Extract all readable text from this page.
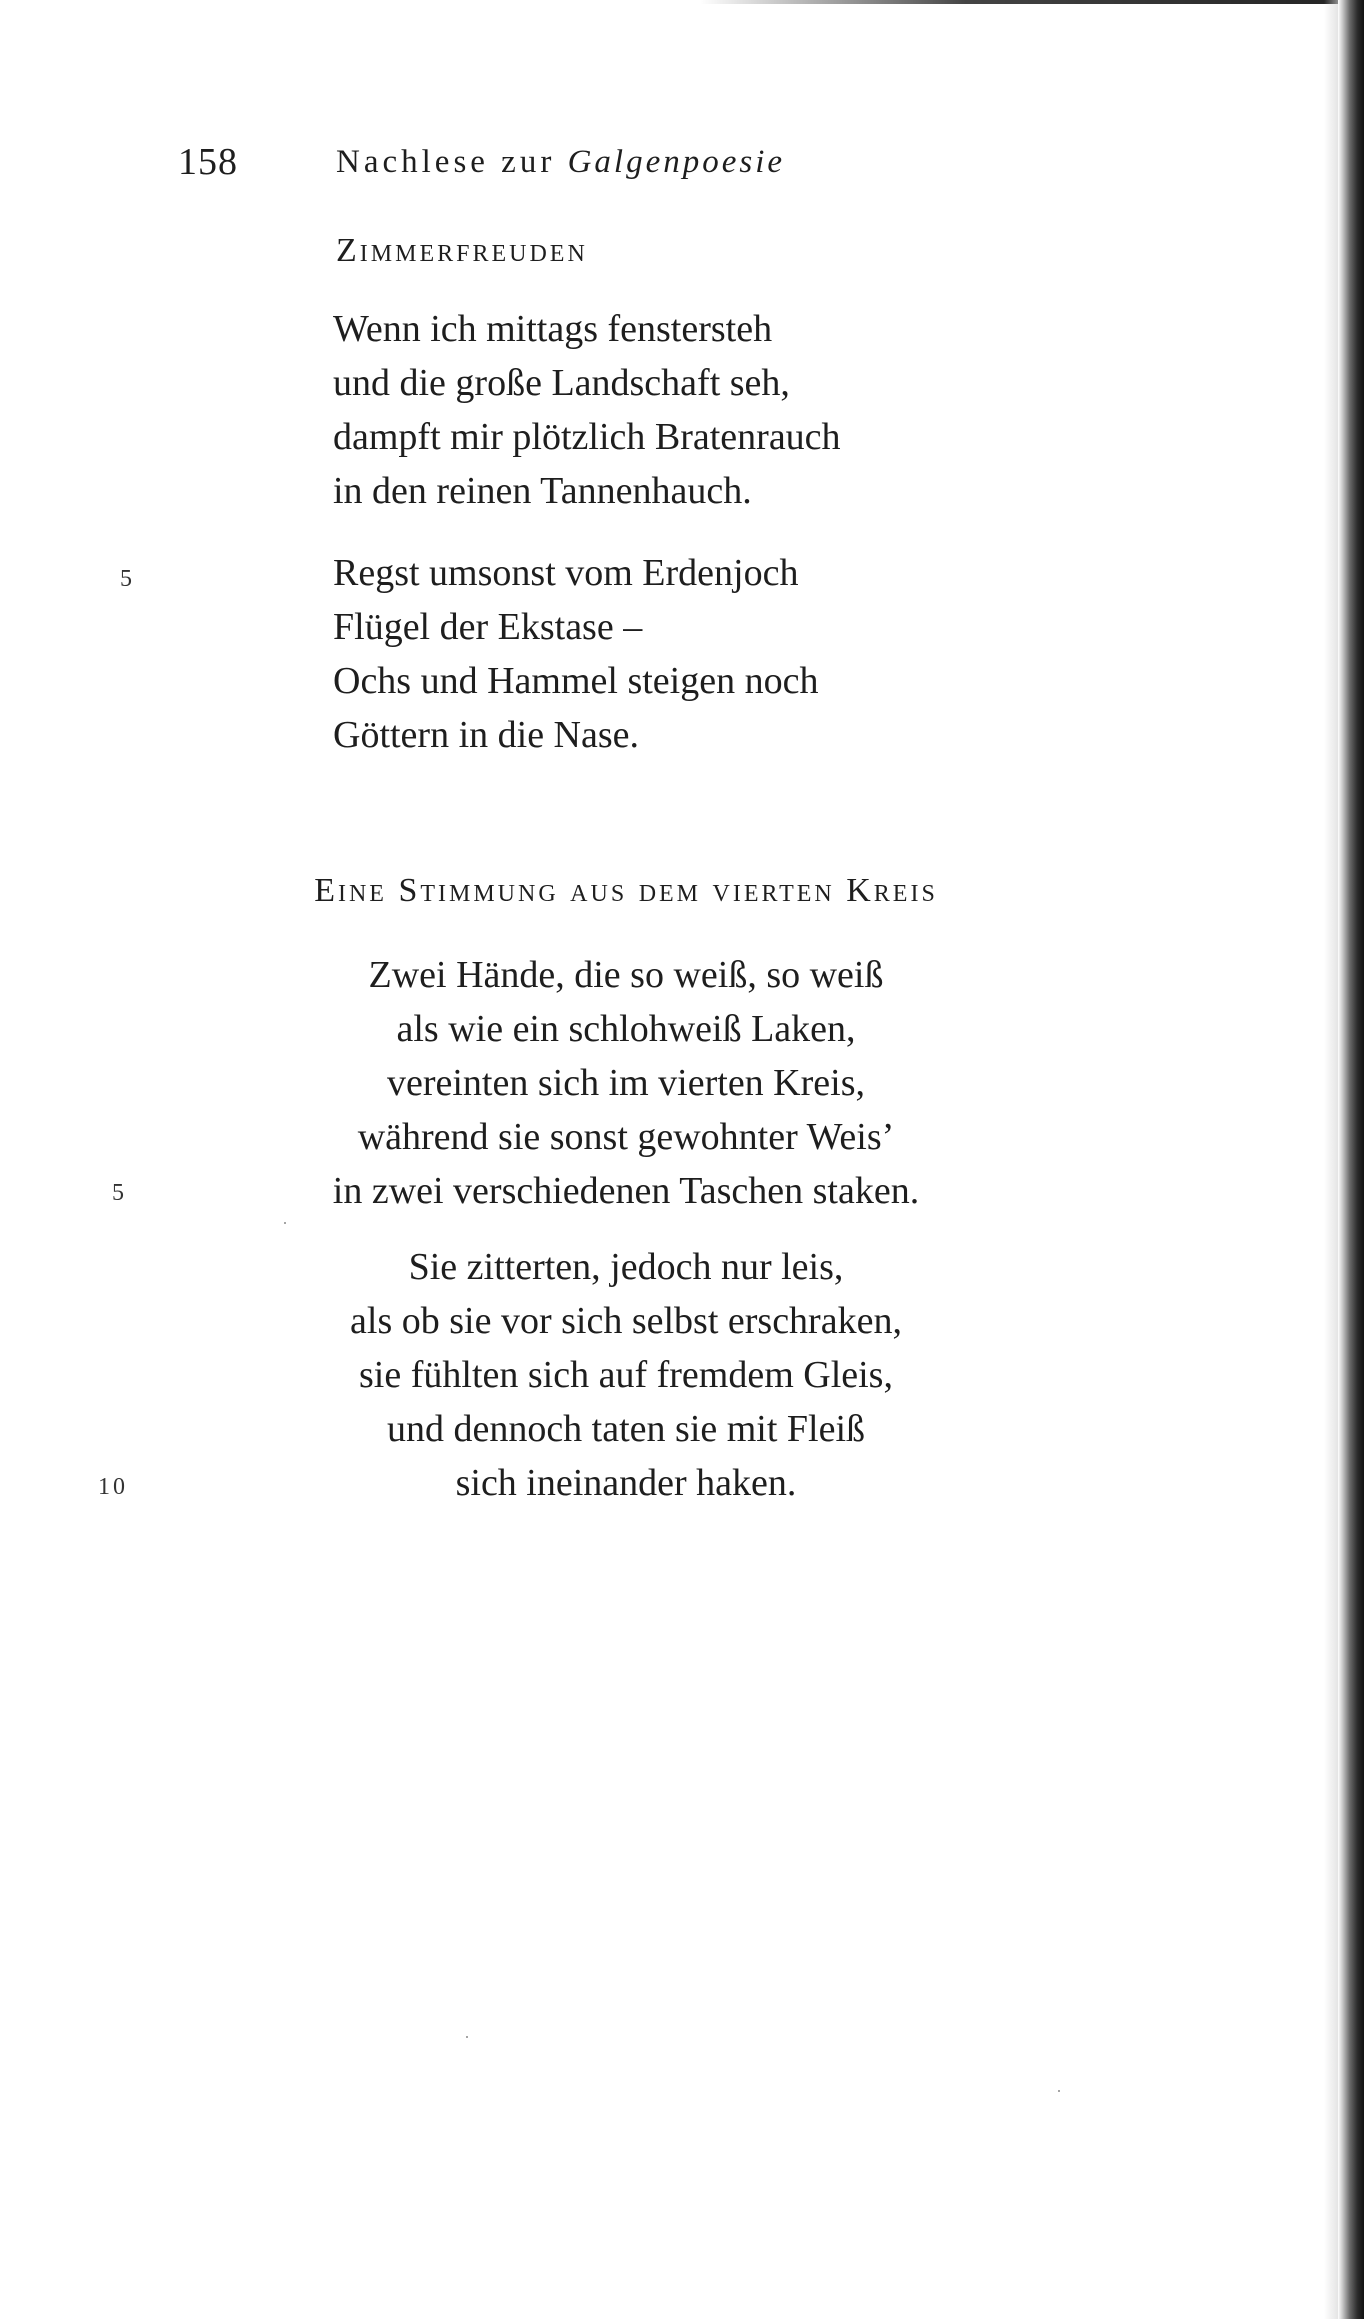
158	Nachlese zur Galgenpoesie
Zimmerfreuden
Wenn ich mittags fenstersteh
und die große Landschaft seh,
dampft mir plötzlich Bratenrauch
in den reinen Tannenhauch.
5	Regst umsonst vom Erdenjoch
Flügel der Ekstase –
Ochs und Hammel steigen noch
Göttern in die Nase.
Eine Stimmung aus dem vierten Kreis
Zwei Hände, die so weiß, so weiß
als wie ein schlohweiß Laken,
vereinten sich im vierten Kreis,
während sie sonst gewohnter Weis’
in zwei verschiedenen Taschen staken.
5
Sie zitterten, jedoch nur leis,
als ob sie vor sich selbst erschraken,
sie fühlten sich auf fremdem Gleis,
und dennoch taten sie mit Fleiß
sich ineinander haken.
10
